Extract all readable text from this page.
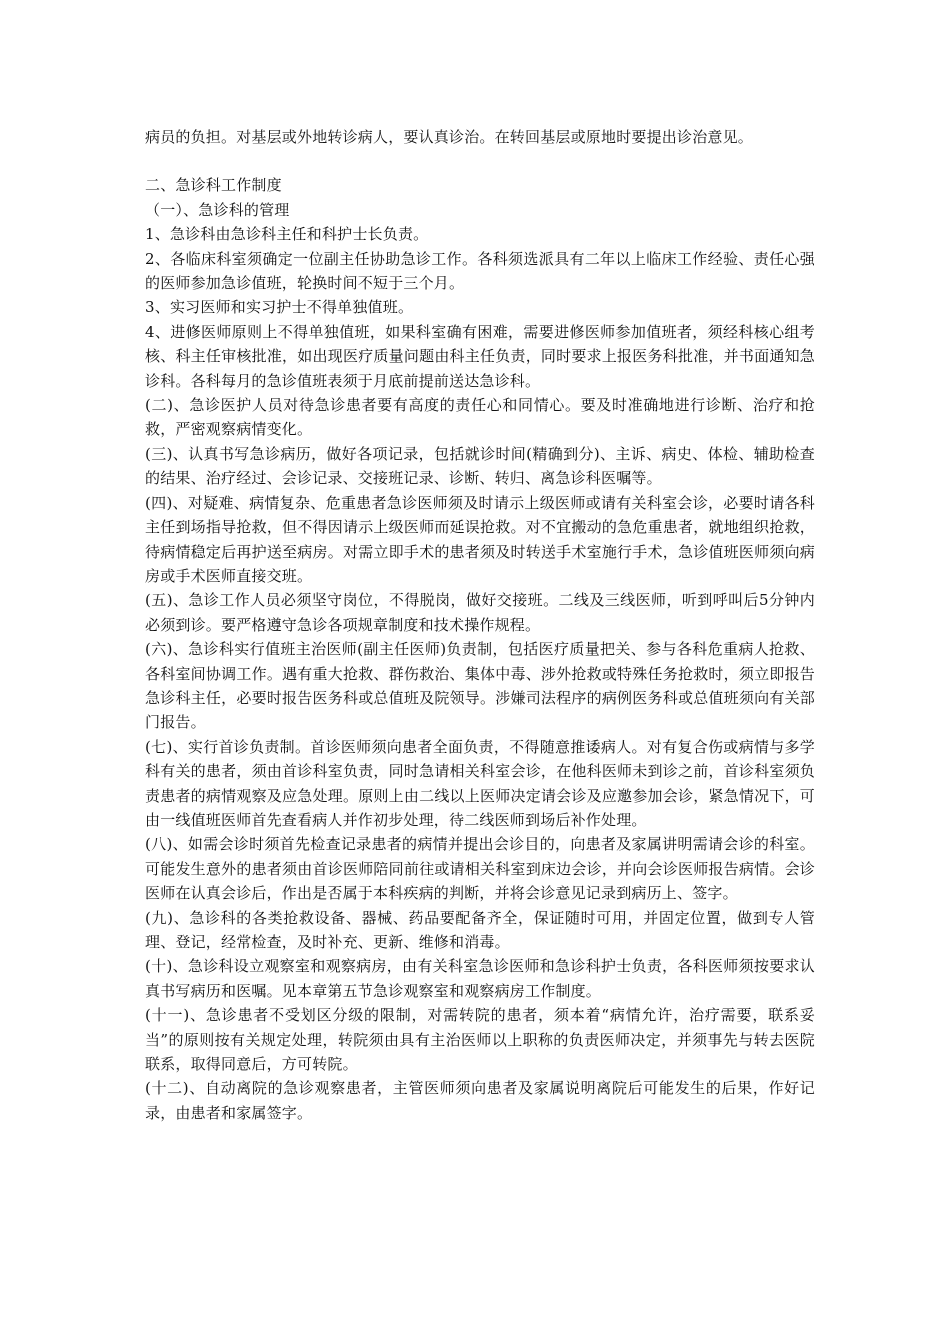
病员的负担。对基层或外地转诊病人，要认真诊治。在转回基层或原地时要提出诊治意见。

二、急诊科工作制度

（一）、急诊科的管理

1、急诊科由急诊科主任和科护士长负责。

2、各临床科室须确定一位副主任协助急诊工作。各科须选派具有二年以上临床工作经验、责任心强的医师参加急诊值班，轮换时间不短于三个月。

3、实习医师和实习护士不得单独值班。

4、进修医师原则上不得单独值班，如果科室确有困难，需要进修医师参加值班者，须经科核心组考核、科主任审核批准，如出现医疗质量问题由科主任负责，同时要求上报医务科批准，并书面通知急诊科。各科每月的急诊值班表须于月底前提前送达急诊科。

(二)、急诊医护人员对待急诊患者要有高度的责任心和同情心。要及时准确地进行诊断、治疗和抢救，严密观察病情变化。

(三)、认真书写急诊病历，做好各项记录，包括就诊时间(精确到分)、主诉、病史、体检、辅助检查的结果、治疗经过、会诊记录、交接班记录、诊断、转归、离急诊科医嘱等。

(四)、对疑难、病情复杂、危重患者急诊医师须及时请示上级医师或请有关科室会诊，必要时请各科主任到场指导抢救，但不得因请示上级医师而延误抢救。对不宜搬动的急危重患者，就地组织抢救，待病情稳定后再护送至病房。对需立即手术的患者须及时转送手术室施行手术，急诊值班医师须向病房或手术医师直接交班。

(五)、急诊工作人员必须坚守岗位，不得脱岗，做好交接班。二线及三线医师，听到呼叫后5分钟内必须到诊。要严格遵守急诊各项规章制度和技术操作规程。

(六)、急诊科实行值班主治医师(副主任医师)负责制，包括医疗质量把关、参与各科危重病人抢救、各科室间协调工作。遇有重大抢救、群伤救治、集体中毒、涉外抢救或特殊任务抢救时，须立即报告急诊科主任，必要时报告医务科或总值班及院领导。涉嫌司法程序的病例医务科或总值班须向有关部门报告。

(七)、实行首诊负责制。首诊医师须向患者全面负责，不得随意推诿病人。对有复合伤或病情与多学科有关的患者，须由首诊科室负责，同时急请相关科室会诊，在他科医师未到诊之前，首诊科室须负责患者的病情观察及应急处理。原则上由二线以上医师决定请会诊及应邀参加会诊，紧急情况下，可由一线值班医师首先查看病人并作初步处理，待二线医师到场后补作处理。

(八)、如需会诊时须首先检查记录患者的病情并提出会诊目的，向患者及家属讲明需请会诊的科室。可能发生意外的患者须由首诊医师陪同前往或请相关科室到床边会诊，并向会诊医师报告病情。会诊医师在认真会诊后，作出是否属于本科疾病的判断，并将会诊意见记录到病历上、签字。

(九)、急诊科的各类抢救设备、器械、药品要配备齐全，保证随时可用，并固定位置，做到专人管理、登记，经常检查，及时补充、更新、维修和消毒。

(十)、急诊科设立观察室和观察病房，由有关科室急诊医师和急诊科护士负责，各科医师须按要求认真书写病历和医嘱。见本章第五节急诊观察室和观察病房工作制度。

(十一)、急诊患者不受划区分级的限制，对需转院的患者，须本着“病情允许，治疗需要，联系妥当”的原则按有关规定处理，转院须由具有主治医师以上职称的负责医师决定，并须事先与转去医院联系，取得同意后，方可转院。

(十二)、自动离院的急诊观察患者，主管医师须向患者及家属说明离院后可能发生的后果，作好记录，由患者和家属签字。
